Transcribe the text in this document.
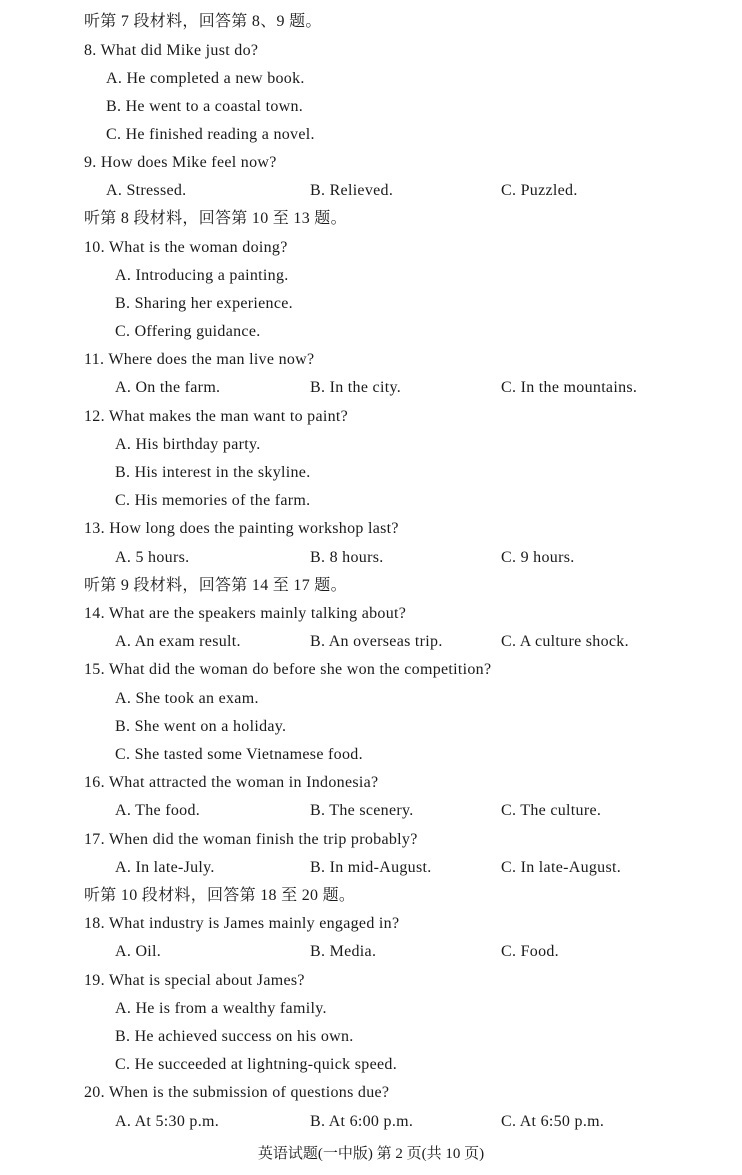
听第 7 段材料，回答第 8、9 题。
8. What did Mike just do?
A. He completed a new book.
B. He went to a coastal town.
C. He finished reading a novel.
9. How does Mike feel now?
A. Stressed.	B. Relieved.	C. Puzzled.
听第 8 段材料，回答第 10 至 13 题。
10. What is the woman doing?
A. Introducing a painting.
B. Sharing her experience.
C. Offering guidance.
11. Where does the man live now?
A. On the farm.	B. In the city.	C. In the mountains.
12. What makes the man want to paint?
A. His birthday party.
B. His interest in the skyline.
C. His memories of the farm.
13. How long does the painting workshop last?
A. 5 hours.	B. 8 hours.	C. 9 hours.
听第 9 段材料，回答第 14 至 17 题。
14. What are the speakers mainly talking about?
A. An exam result.	B. An overseas trip.	C. A culture shock.
15. What did the woman do before she won the competition?
A. She took an exam.
B. She went on a holiday.
C. She tasted some Vietnamese food.
16. What attracted the woman in Indonesia?
A. The food.	B. The scenery.	C. The culture.
17. When did the woman finish the trip probably?
A. In late-July.	B. In mid-August.	C. In late-August.
听第 10 段材料，回答第 18 至 20 题。
18. What industry is James mainly engaged in?
A. Oil.	B. Media.	C. Food.
19. What is special about James?
A. He is from a wealthy family.
B. He achieved success on his own.
C. He succeeded at lightning-quick speed.
20. When is the submission of questions due?
A. At 5:30 p.m.	B. At 6:00 p.m.	C. At 6:50 p.m.
英语试题(一中版) 第 2 页(共 10 页)
